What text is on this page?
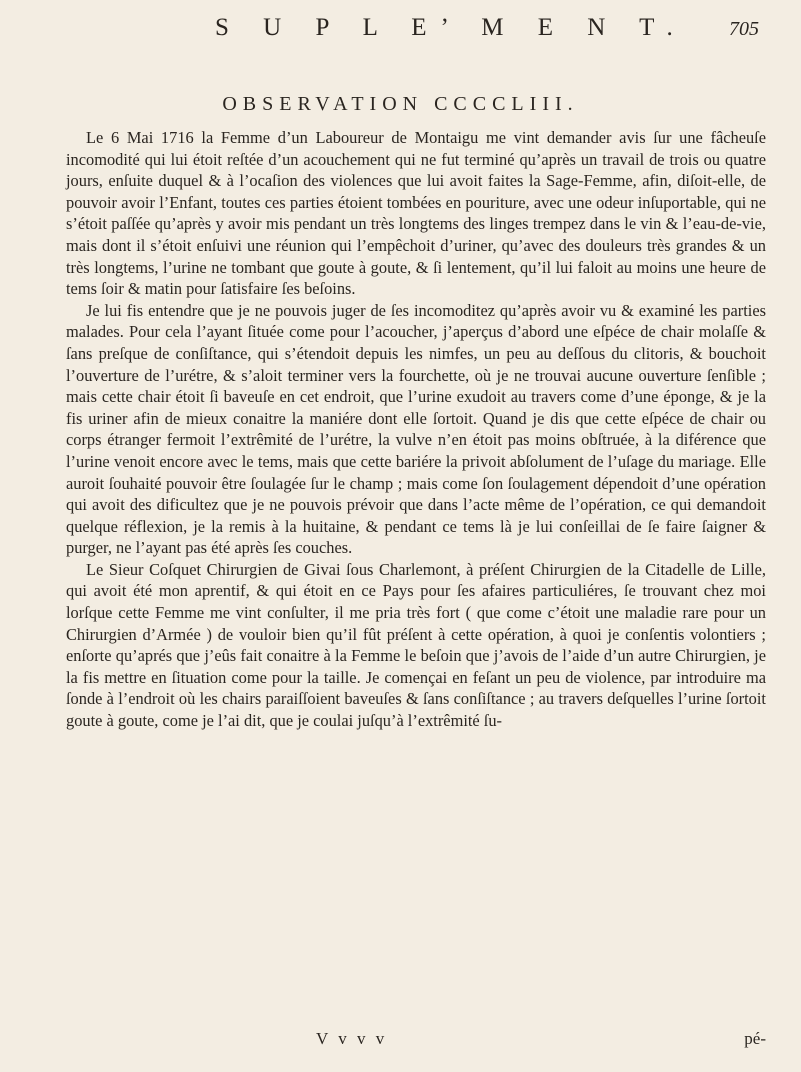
S U P L E’ M E N T. 705
OBSERVATION CCCCLIII.

Le 6 Mai 1716 la Femme d’un Laboureur de Montaigu me vint demander avis ſur une fâcheuſe incomodité qui lui étoit reſtée d’un acouchement qui ne fut terminé qu’après un travail de trois ou quatre jours, enſuite duquel & à l’ocaſion des violences que lui avoit faites la Sage-Femme, afin, diſoit-elle, de pouvoir avoir l’Enfant, toutes ces parties étoient tombées en pouriture, avec une odeur inſuportable, qui ne s’étoit paſſée qu’après y avoir mis pendant un très longtems des linges trempez dans le vin & l’eau-de-vie, mais dont il s’étoit enſuivi une réunion qui l’empêchoit d’uriner, qu’avec des douleurs très grandes & un très longtems, l’urine ne tombant que goute à goute, & ſi lentement, qu’il lui faloit au moins une heure de tems ſoir & matin pour ſatisfaire ſes beſoins.

Je lui fis entendre que je ne pouvois juger de ſes incomoditez qu’après avoir vu & examiné les parties malades. Pour cela l’ayant ſituée come pour l’acoucher, j’aperçus d’abord une eſpéce de chair molaſſe & ſans preſque de conſiſtance, qui s’étendoit depuis les nimfes, un peu au deſſous du clitoris, & bouchoit l’ouverture de l’urétre, & s’aloit terminer vers la fourchette, où je ne trouvai aucune ouverture ſenſible ; mais cette chair étoit ſi baveuſe en cet endroit, que l’urine exudoit au travers come d’une éponge, & je la fis uriner afin de mieux conaitre la maniére dont elle ſortoit. Quand je dis que cette eſpéce de chair ou corps étranger fermoit l’extrêmité de l’urétre, la vulve n’en étoit pas moins obſtruée, à la diférence que l’urine venoit encore avec le tems, mais que cette bariére la privoit abſolument de l’uſage du mariage. Elle auroit ſouhaité pouvoir être ſoulagée ſur le champ ; mais come ſon ſoulagement dépendoit d’une opération qui avoit des dificultez que je ne pouvois prévoir que dans l’acte même de l’opération, ce qui demandoit quelque réflexion, je la remis à la huitaine, & pendant ce tems là je lui conſeillai de ſe faire ſaigner & purger, ne l’ayant pas été après ſes couches.

Le Sieur Coſquet Chirurgien de Givai ſous Charlemont, à préſent Chirurgien de la Citadelle de Lille, qui avoit été mon aprentif, & qui étoit en ce Pays pour ſes afaires particuliéres, ſe trouvant chez moi lorſque cette Femme me vint conſulter, il me pria très fort ( que come c’étoit une maladie rare pour un Chirurgien d’Armée ) de vouloir bien qu’il fût préſent à cette opération, à quoi je conſentis volontiers ; enſorte qu’aprés que j’eûs fait conaitre à la Femme le beſoin que j’avois de l’aide d’un autre Chirurgien, je la fis mettre en ſituation come pour la taille. Je començai en feſant un peu de violence, par introduire ma ſonde à l’endroit où les chairs paraiſſoient baveuſes & ſans conſiſtance ; au travers deſquelles l’urine ſortoit goute à goute, come je l’ai dit, que je coulai juſqu’à l’extrêmité ſu-

V v v v	pé-
